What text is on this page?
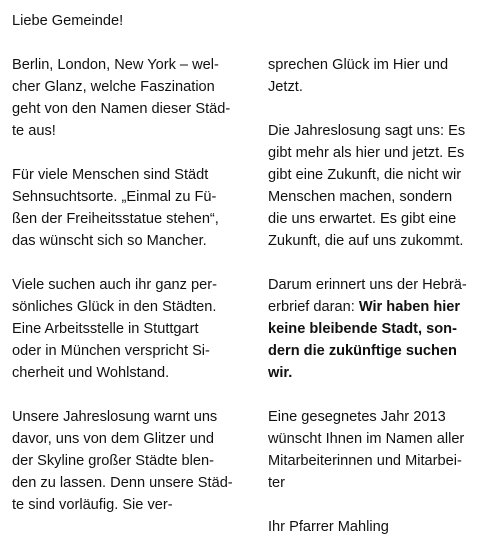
Liebe Gemeinde!
Berlin, London, New York – wel-
cher Glanz, welche Faszination
geht von den Namen dieser Städ-
te aus!
Für viele Menschen sind Städt
Sehnsuchtsorte. „Einmal zu Fü-
ßen der Freiheitsstatue stehen“,
das wünscht sich so Mancher.
Viele suchen auch ihr ganz per-
sönliches Glück in den Städten.
Eine Arbeitsstelle in Stuttgart
oder in München verspricht Si-
cherheit und Wohlstand.
Unsere Jahreslosung warnt uns
davor, uns von dem Glitzer und
der Skyline großer Städte blen-
den zu lassen. Denn unsere Städ-
te sind vorläufig. Sie ver-
sprechen Glück im Hier und
Jetzt.
Die Jahreslosung sagt uns: Es
gibt mehr als hier und jetzt. Es
gibt eine Zukunft, die nicht wir
Menschen machen, sondern
die uns erwartet. Es gibt eine
Zukunft, die auf uns zukommt.
Darum erinnert uns der Hebrä-
erbrief daran: Wir haben hier
keine bleibende Stadt, son-
dern die zukünftige suchen
wir.
Eine gesegnetes Jahr 2013
wünscht Ihnen im Namen aller
Mitarbeiterinnen und Mitarbei-
ter
Ihr Pfarrer Mahling
